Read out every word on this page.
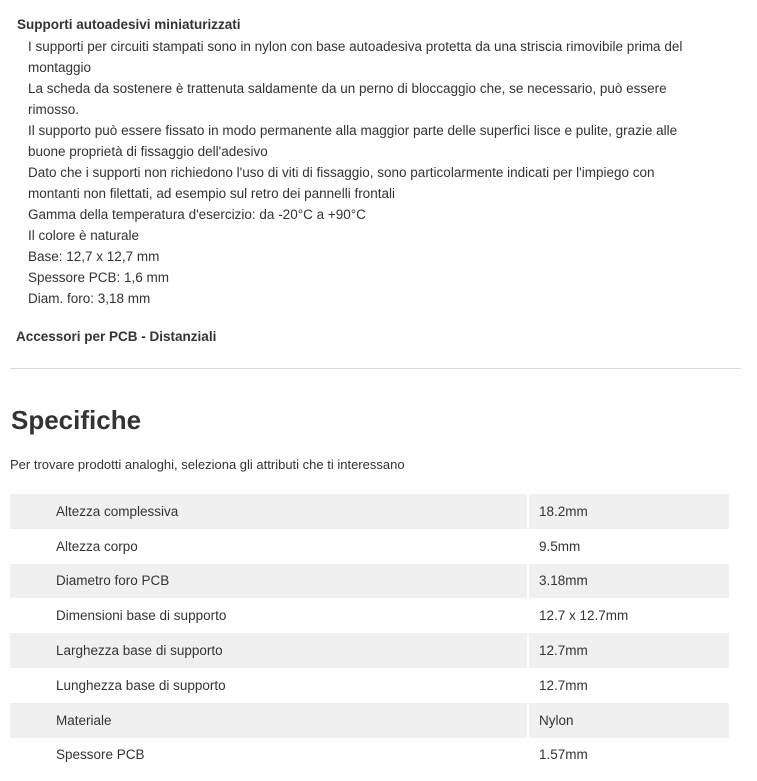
Supporti autoadesivi miniaturizzati
I supporti per circuiti stampati sono in nylon con base autoadesiva protetta da una striscia rimovibile prima del
montaggio
La scheda da sostenere è trattenuta saldamente da un perno di bloccaggio che, se necessario, può essere
rimosso.
Il supporto può essere fissato in modo permanente alla maggior parte delle superfici lisce e pulite, grazie alle
buone proprietà di fissaggio dell'adesivo
Dato che i supporti non richiedono l'uso di viti di fissaggio, sono particolarmente indicati per l'impiego con
montanti non filettati, ad esempio sul retro dei pannelli frontali
Gamma della temperatura d'esercizio: da -20°C a +90°C
Il colore è naturale
Base: 12,7 x 12,7 mm
Spessore PCB: 1,6 mm
Diam. foro: 3,18 mm
Accessori per PCB - Distanziali
Specifiche
Per trovare prodotti analoghi, seleziona gli attributi che ti interessano
Altezza complessiva	18.2mm
Altezza corpo	9.5mm
Diametro foro PCB	3.18mm
Dimensioni base di supporto	12.7 x 12.7mm
Larghezza base di supporto	12.7mm
Lunghezza base di supporto	12.7mm
Materiale	Nylon
Spessore PCB	1.57mm
